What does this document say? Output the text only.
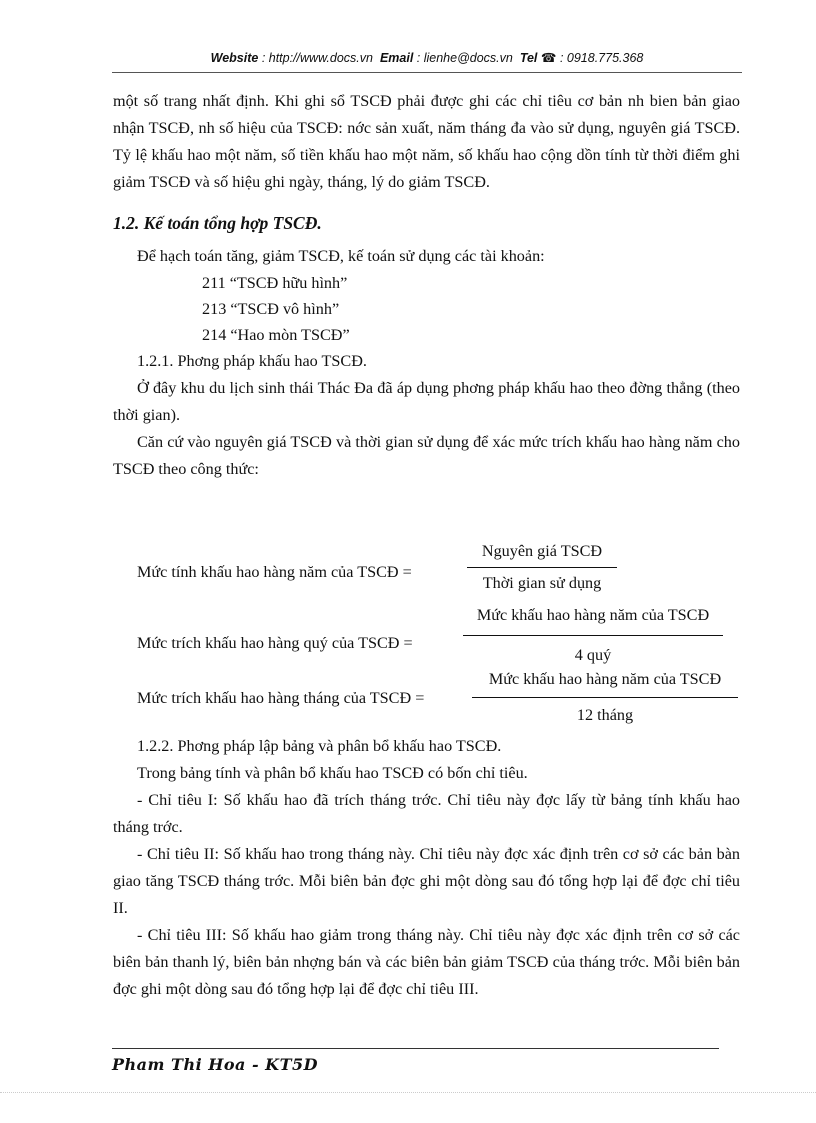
Website : http://www.docs.vn Email : lienhe@docs.vn Tel ☎ : 0918.775.368

một số trang nhất định. Khi ghi sổ TSCĐ phải được ghi các chỉ tiêu cơ bản nh bien bản giao nhận TSCĐ, nh số hiệu của TSCĐ: nớc sản xuất, năm tháng đa vào sử dụng, nguyên giá TSCĐ. Tỷ lệ khấu hao một năm, số tiền khấu hao một năm, số khấu hao cộng dồn tính từ thời điểm ghi giảm TSCĐ và số hiệu ghi ngày, tháng, lý do giảm TSCĐ.

1.2. Kế toán tổng hợp TSCĐ.

Để hạch toán tăng, giảm TSCĐ, kế toán sử dụng các tài khoản:

211 “TSCĐ hữu hình”

213 “TSCĐ vô hình”

214 “Hao mòn TSCĐ”

1.2.1. Phơng pháp khấu hao TSCĐ.

Ở đây khu du lịch sinh thái Thác Đa đã áp dụng phơng pháp khấu hao theo đờng thẳng (theo thời gian).

Căn cứ vào nguyên giá TSCĐ và thời gian sử dụng để xác mức trích khấu hao hàng năm cho TSCĐ theo công thức:

Mức tính khấu hao hàng năm của TSCĐ =
Nguyên giá TSCĐ
Thời gian sử dụng
Mức trích khấu hao hàng quý của TSCĐ =
Mức khấu hao hàng năm của TSCĐ
4 quý
Mức trích khấu hao hàng tháng của TSCĐ =
Mức khấu hao hàng năm của TSCĐ
12 tháng

1.2.2. Phơng pháp lập bảng và phân bổ khấu hao TSCĐ.

Trong bảng tính và phân bổ khấu hao TSCĐ có bốn chỉ tiêu.

- Chỉ tiêu I: Số khấu hao đã trích tháng trớc. Chỉ tiêu này đợc lấy từ bảng tính khấu hao tháng trớc.

- Chỉ tiêu II: Số khấu hao trong tháng này. Chỉ tiêu này đợc xác định trên cơ sở các bản bàn giao tăng TSCĐ tháng trớc. Mỗi biên bản đợc ghi một dòng sau đó tổng hợp lại để đợc chỉ tiêu II.

- Chỉ tiêu III: Số khấu hao giảm trong tháng này. Chỉ tiêu này đợc xác định trên cơ sở các biên bản thanh lý, biên bản nhợng bán và các biên bản giảm TSCĐ của tháng trớc. Mỗi biên bản đợc ghi một dòng sau đó tổng hợp lại để đợc chỉ tiêu III.

Pham Thi Hoa - KT5D
